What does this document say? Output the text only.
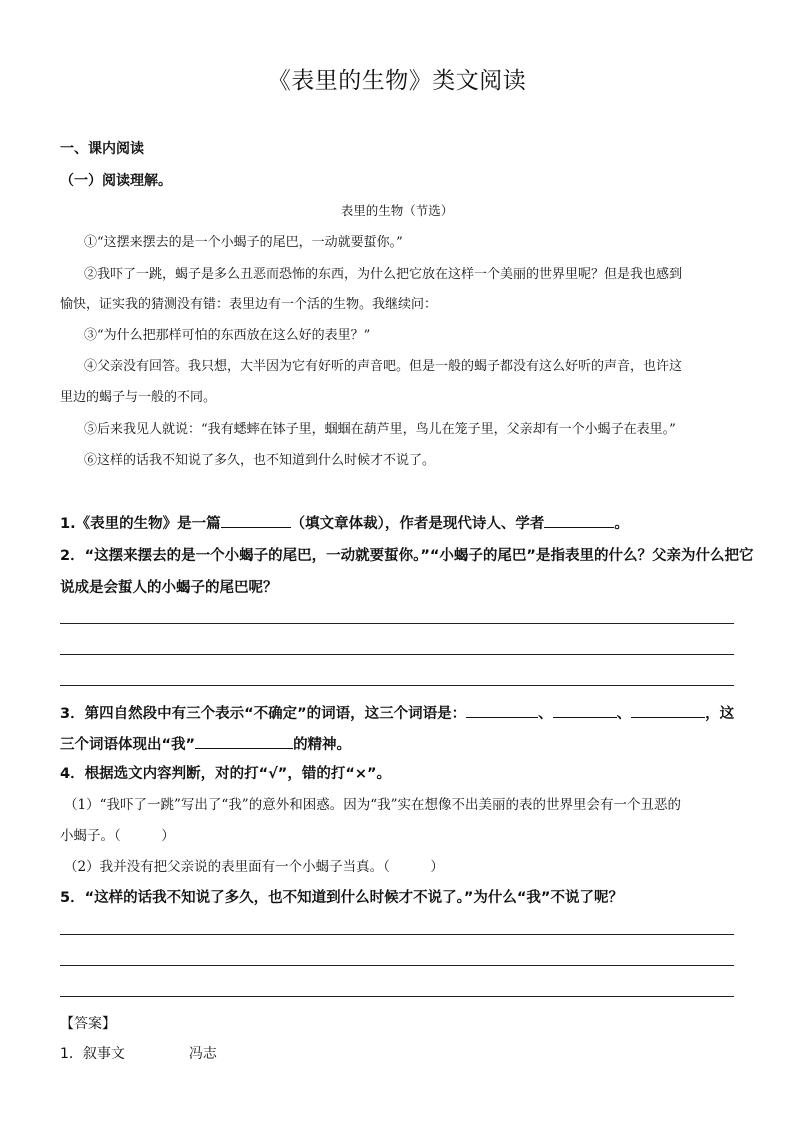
《表里的生物》类文阅读
一、课内阅读
（一）阅读理解。
表里的生物（节选）
①“这摆来摆去的是一个小蝎子的尾巴，一动就要蜇你。”
②我吓了一跳，蝎子是多么丑恶而恐怖的东西，为什么把它放在这样一个美丽的世界里呢？但是我也感到
愉快，证实我的猜测没有错：表里边有一个活的生物。我继续问：
③“为什么把那样可怕的东西放在这么好的表里？”
④父亲没有回答。我只想，大半因为它有好听的声音吧。但是一般的蝎子都没有这么好听的声音，也许这
里边的蝎子与一般的不同。
⑤后来我见人就说：“我有蟋蟀在钵子里，蝈蝈在葫芦里，鸟儿在笼子里，父亲却有一个小蝎子在表里。”
⑥这样的话我不知说了多久，也不知道到什么时候才不说了。
1.《表里的生物》是一篇	（填文章体裁），作者是现代诗人、学者	。
2．“这摆来摆去的是一个小蝎子的尾巴，一动就要蜇你。”“小蝎子的尾巴”是指表里的什么？父亲为什么把它
说成是会蜇人的小蝎子的尾巴呢？
3．第四自然段中有三个表示“不确定”的词语，这三个词语是：	、	、	，这
三个词语体现出“我”	的精神。
4．根据选文内容判断，对的打“√”，错的打“×”。
（1）“我吓了一跳”写出了“我”的意外和困惑。因为“我”实在想像不出美丽的表的世界里会有一个丑恶的
小蝎子。（　　　）
（2）我并没有把父亲说的表里面有一个小蝎子当真。（　　　）
5．“这样的话我不知说了多久，也不知道到什么时候才不说了。”为什么“我”不说了呢？
【答案】
1．叙事文	冯志
